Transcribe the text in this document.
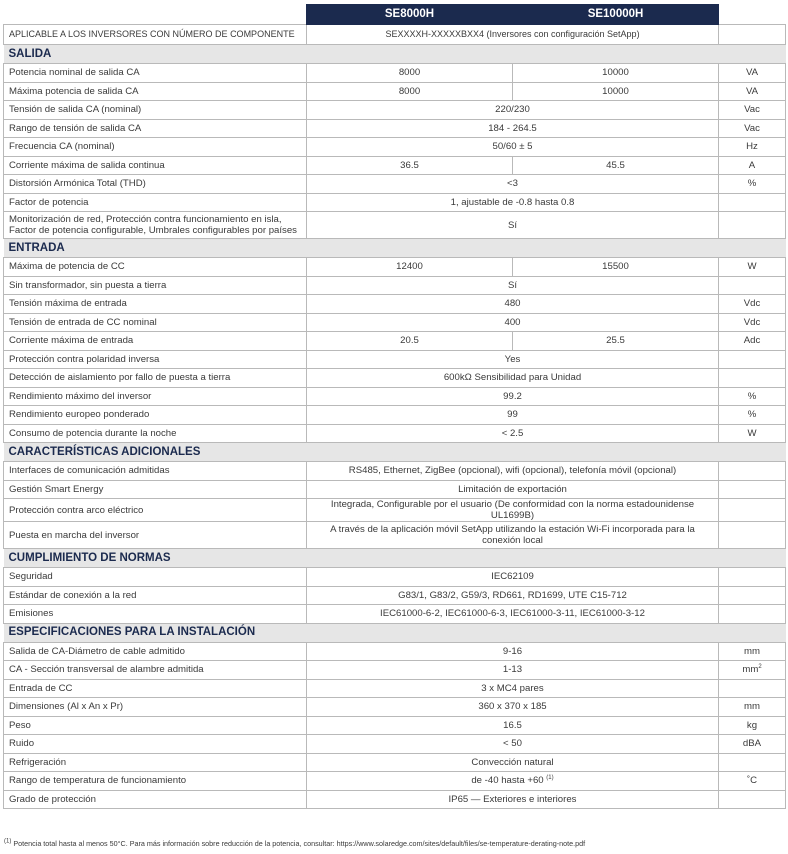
	SE8000H	SE10000H	
APLICABLE A LOS INVERSORES CON NÚMERO DE COMPONENTE	SEXXXXH-XXXXXBXX4 (Inversores con configuración SetApp)		
SALIDA			
Potencia nominal de salida CA	8000	10000	VA
Máxima potencia de salida CA	8000	10000	VA
Tensión de salida CA (nominal)	220/230		Vac
Rango de tensión de salida CA	184 - 264.5		Vac
Frecuencia CA (nominal)	50/60 ± 5		Hz
Corriente máxima de salida continua	36.5	45.5	A
Distorsión Armónica Total (THD)	<3		%
Factor de potencia	1, ajustable de -0.8 hasta 0.8		
Monitorización de red, Protección contra funcionamiento en isla, Factor de potencia configurable, Umbrales configurables por países	Sí		
ENTRADA			
Máxima de potencia de CC	12400	15500	W
Sin transformador, sin puesta a tierra	Sí		
Tensión máxima de entrada	480		Vdc
Tensión de entrada de CC nominal	400		Vdc
Corriente máxima de entrada	20.5	25.5	Adc
Protección contra polaridad inversa	Yes		
Detección de aislamiento por fallo de puesta a tierra	600kΩ Sensibilidad para Unidad		
Rendimiento máximo del inversor	99.2		%
Rendimiento europeo ponderado	99		%
Consumo de potencia durante la noche	< 2.5		W
CARACTERÍSTICAS ADICIONALES			
Interfaces de comunicación admitidas	RS485, Ethernet, ZigBee (opcional), wifi (opcional), telefonía móvil (opcional)		
Gestión Smart Energy	Limitación de exportación		
Protección contra arco eléctrico	Integrada, Configurable por el usuario (De conformidad con la norma estadounidense UL1699B)		
Puesta en marcha del inversor	A través de la aplicación móvil SetApp utilizando la estación Wi-Fi incorporada para la conexión local		
CUMPLIMIENTO DE NORMAS			
Seguridad	IEC62109		
Estándar de conexión a la red	G83/1, G83/2, G59/3, RD661, RD1699, UTE C15-712		
Emisiones	IEC61000-6-2, IEC61000-6-3, IEC61000-3-11, IEC61000-3-12		
ESPECIFICACIONES PARA LA INSTALACIÓN			
Salida de CA-Diámetro de cable admitido	9-16		mm
CA - Sección transversal de alambre admitida	1-13		$mm^2$
Entrada de CC	3 x MC4 pares		
Dimensiones (Al x An x Pr)	360 x 370 x 185		mm
Peso	16.5		kg
Ruido	< 50		dBA
Refrigeración	Convección natural		
Rango de temperatura de funcionamiento	de -40 hasta +60 $^{(1)}$		˚C
Grado de protección	IP65 — Exteriores e interiores		
$^{(1)}$ Potencia total hasta al menos 50°C. Para más información sobre reducción de la potencia, consultar: https://www.solaredge.com/sites/default/files/se-temperature-derating-note.pdf
